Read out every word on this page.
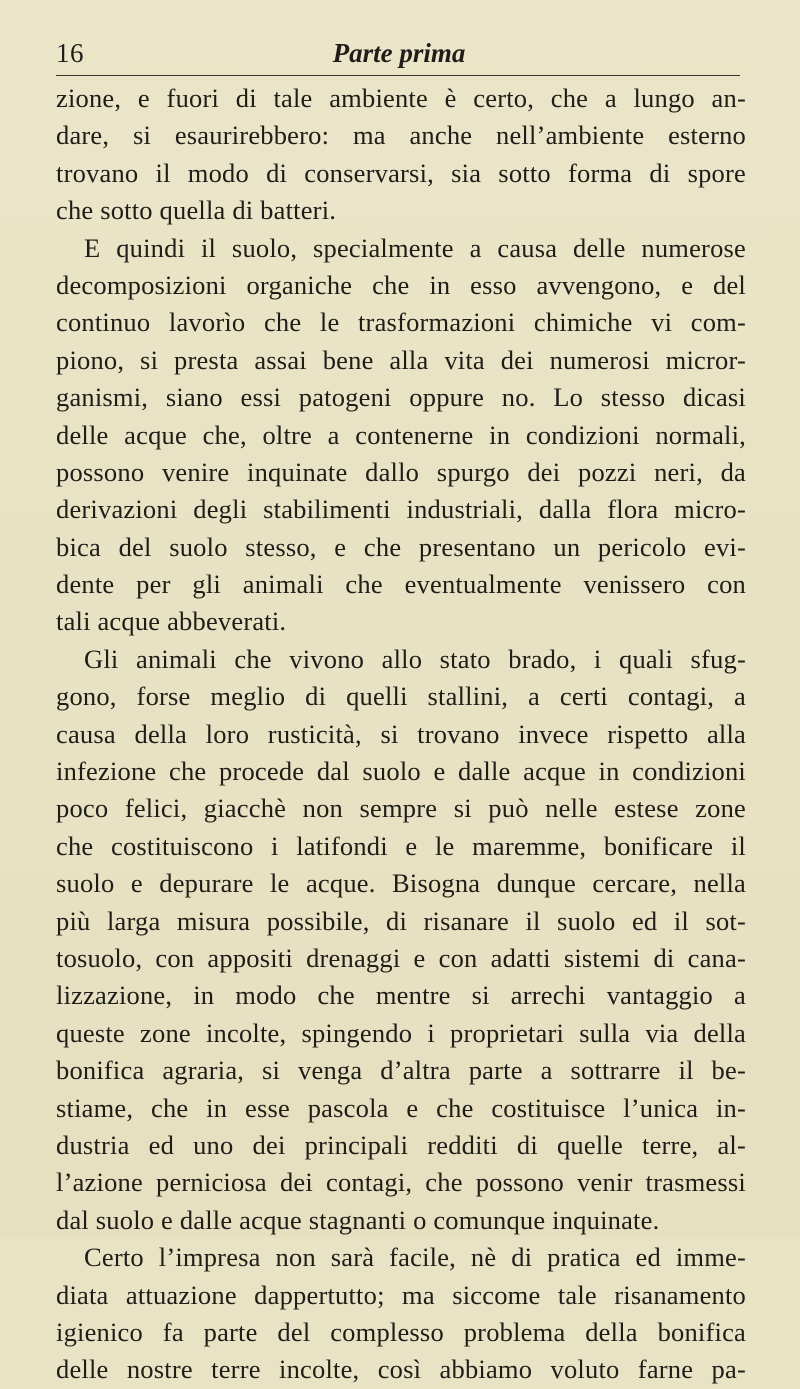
16	Parte prima
zione, e fuori di tale ambiente è certo, che a lungo an-
dare, si esaurirebbero: ma anche nell’ambiente esterno
trovano il modo di conservarsi, sia sotto forma di spore
che sotto quella di batteri.
E quindi il suolo, specialmente a causa delle numerose
decomposizioni organiche che in esso avvengono, e del
continuo lavorìo che le trasformazioni chimiche vi com-
piono, si presta assai bene alla vita dei numerosi micror-
ganismi, siano essi patogeni oppure no. Lo stesso dicasi
delle acque che, oltre a contenerne in condizioni normali,
possono venire inquinate dallo spurgo dei pozzi neri, da
derivazioni degli stabilimenti industriali, dalla flora micro-
bica del suolo stesso, e che presentano un pericolo evi-
dente per gli animali che eventualmente venissero con
tali acque abbeverati.
Gli animali che vivono allo stato brado, i quali sfug-
gono, forse meglio di quelli stallini, a certi contagi, a
causa della loro rusticità, si trovano invece rispetto alla
infezione che procede dal suolo e dalle acque in condizioni
poco felici, giacchè non sempre si può nelle estese zone
che costituiscono i latifondi e le maremme, bonificare il
suolo e depurare le acque. Bisogna dunque cercare, nella
più larga misura possibile, di risanare il suolo ed il sot-
tosuolo, con appositi drenaggi e con adatti sistemi di cana-
lizzazione, in modo che mentre si arrechi vantaggio a
queste zone incolte, spingendo i proprietari sulla via della
bonifica agraria, si venga d’altra parte a sottrarre il be-
stiame, che in esse pascola e che costituisce l’unica in-
dustria ed uno dei principali redditi di quelle terre, al-
l’azione perniciosa dei contagi, che possono venir trasmessi
dal suolo e dalle acque stagnanti o comunque inquinate.
Certo l’impresa non sarà facile, nè di pratica ed imme-
diata attuazione dappertutto; ma siccome tale risanamento
igienico fa parte del complesso problema della bonifica
delle nostre terre incolte, così abbiamo voluto farne pa-
